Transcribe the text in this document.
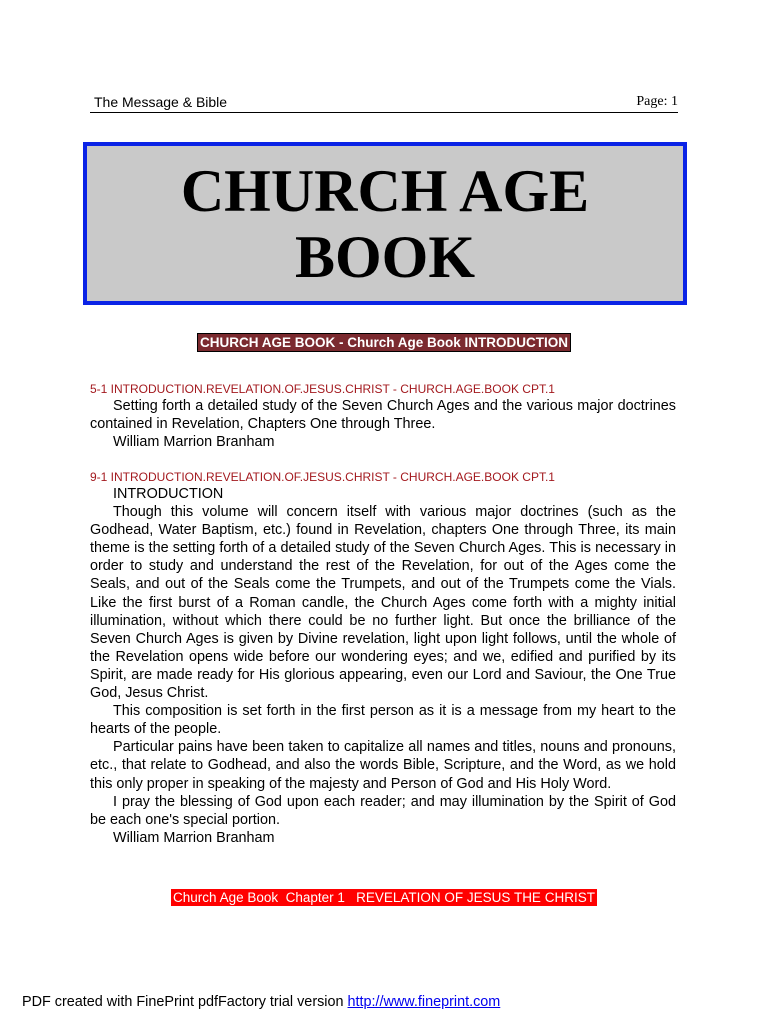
The Message & Bible	Page: 1
CHURCH AGE
BOOK
CHURCH AGE BOOK - Church Age Book INTRODUCTION
5-1 INTRODUCTION.REVELATION.OF.JESUS.CHRIST - CHURCH.AGE.BOOK CPT.1
Setting forth a detailed study of the Seven Church Ages and the various major doctrines contained in Revelation, Chapters One through Three.
William Marrion Branham
9-1 INTRODUCTION.REVELATION.OF.JESUS.CHRIST - CHURCH.AGE.BOOK CPT.1
INTRODUCTION
Though this volume will concern itself with various major doctrines (such as the Godhead, Water Baptism, etc.) found in Revelation, chapters One through Three, its main theme is the setting forth of a detailed study of the Seven Church Ages. This is necessary in order to study and understand the rest of the Revelation, for out of the Ages come the Seals, and out of the Seals come the Trumpets, and out of the Trumpets come the Vials. Like the first burst of a Roman candle, the Church Ages come forth with a mighty initial illumination, without which there could be no further light. But once the brilliance of the Seven Church Ages is given by Divine revelation, light upon light follows, until the whole of the Revelation opens wide before our wondering eyes; and we, edified and purified by its Spirit, are made ready for His glorious appearing, even our Lord and Saviour, the One True God, Jesus Christ.
This composition is set forth in the first person as it is a message from my heart to the hearts of the people.
Particular pains have been taken to capitalize all names and titles, nouns and pronouns, etc., that relate to Godhead, and also the words Bible, Scripture, and the Word, as we hold this only proper in speaking of the majesty and Person of God and His Holy Word.
I pray the blessing of God upon each reader; and may illumination by the Spirit of God be each one's special portion.
William Marrion Branham
Church Age Book  Chapter 1   REVELATION OF JESUS THE CHRIST
PDF created with FinePrint pdfFactory trial version http://www.fineprint.com
